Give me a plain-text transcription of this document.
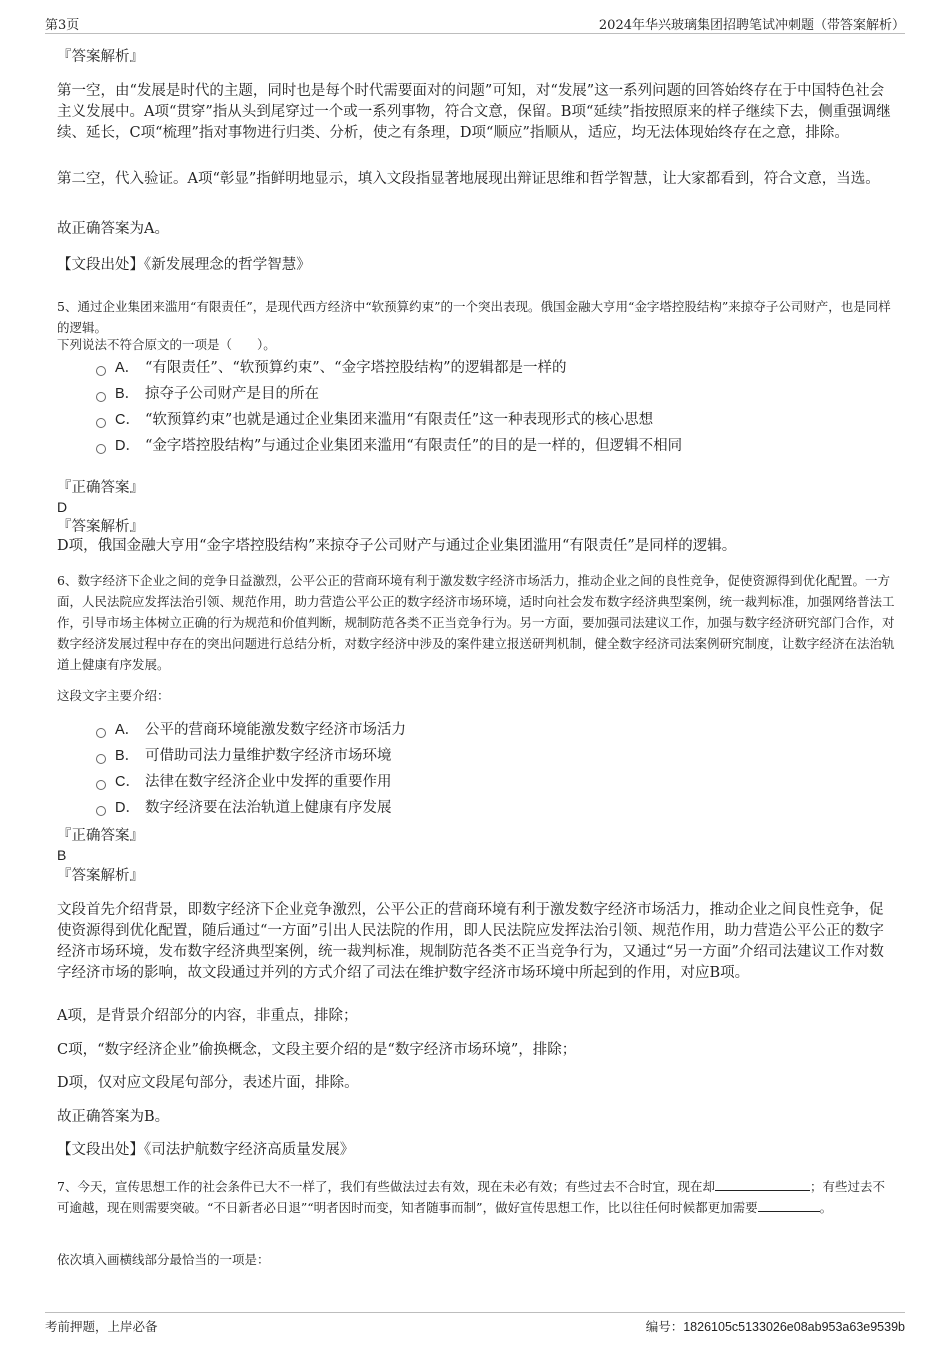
第3页	2024年华兴玻璃集团招聘笔试冲刺题（带答案解析）
『答案解析』
第一空，由“发展是时代的主题，同时也是每个时代需要面对的问题”可知，对“发展”这一系列问题的回答始终存在于中国特色社会主义发展中。A项“贯穿”指从头到尾穿过一个或一系列事物，符合文意，保留。B项“延续”指按照原来的样子继续下去，侧重强调继续、延长，C项“梳理”指对事物进行归类、分析，使之有条理，D项“顺应”指顺从，适应，均无法体现始终存在之意，排除。
第二空，代入验证。A项“彰显”指鲜明地显示，填入文段指显著地展现出辩证思维和哲学智慧，让大家都看到，符合文意，当选。
故正确答案为A。
【文段出处】《新发展理念的哲学智慧》
5、通过企业集团来滥用“有限责任”，是现代西方经济中“软预算约束”的一个突出表现。俄国金融大亨用“金字塔控股结构”来掠夺子公司财产，也是同样的逻辑。
下列说法不符合原文的一项是（　　）。
A． “有限责任”、“软预算约束”、“金字塔控股结构”的逻辑都是一样的
B． 掠夺子公司财产是目的所在
C． “软预算约束”也就是通过企业集团来滥用“有限责任”这一种表现形式的核心思想
D． “金字塔控股结构”与通过企业集团来滥用“有限责任”的目的是一样的，但逻辑不相同
『正确答案』
D
『答案解析』
D项，俄国金融大亨用“金字塔控股结构”来掠夺子公司财产与通过企业集团滥用“有限责任”是同样的逻辑。
6、数字经济下企业之间的竞争日益激烈，公平公正的营商环境有利于激发数字经济市场活力，推动企业之间的良性竞争，促使资源得到优化配置。一方面，人民法院应发挥法治引领、规范作用，助力营造公平公正的数字经济市场环境，适时向社会发布数字经济典型案例，统一裁判标准，加强网络普法工作，引导市场主体树立正确的行为规范和价值判断，规制防范各类不正当竞争行为。另一方面，要加强司法建议工作，加强与数字经济研究部门合作，对数字经济发展过程中存在的突出问题进行总结分析，对数字经济中涉及的案件建立报送研判机制，健全数字经济司法案例研究制度，让数字经济在法治轨道上健康有序发展。
这段文字主要介绍：
A． 公平的营商环境能激发数字经济市场活力
B． 可借助司法力量维护数字经济市场环境
C． 法律在数字经济企业中发挥的重要作用
D． 数字经济要在法治轨道上健康有序发展
『正确答案』
B
『答案解析』
文段首先介绍背景，即数字经济下企业竞争激烈，公平公正的营商环境有利于激发数字经济市场活力，推动企业之间良性竞争，促使资源得到优化配置，随后通过“一方面”引出人民法院的作用，即人民法院应发挥法治引领、规范作用，助力营造公平公正的数字经济市场环境，发布数字经济典型案例，统一裁判标准，规制防范各类不正当竞争行为，又通过“另一方面”介绍司法建议工作对数字经济市场的影响，故文段通过并列的方式介绍了司法在维护数字经济市场环境中所起到的作用，对应B项。
A项，是背景介绍部分的内容，非重点，排除；
C项，“数字经济企业”偷换概念，文段主要介绍的是“数字经济市场环境”，排除；
D项，仅对应文段尾句部分，表述片面，排除。
故正确答案为B。
【文段出处】《司法护航数字经济高质量发展》
7、今天，宣传思想工作的社会条件已大不一样了，我们有些做法过去有效，现在未必有效；有些过去不合时宜，现在却	；有些过去不可逾越，现在则需要突破。“不日新者必日退”“明者因时而变，知者随事而制”，做好宣传思想工作，比以往任何时候都更加需要	。
依次填入画横线部分最恰当的一项是：
考前押题，上岸必备	编号：1826105c5133026e08ab953a63e9539b
